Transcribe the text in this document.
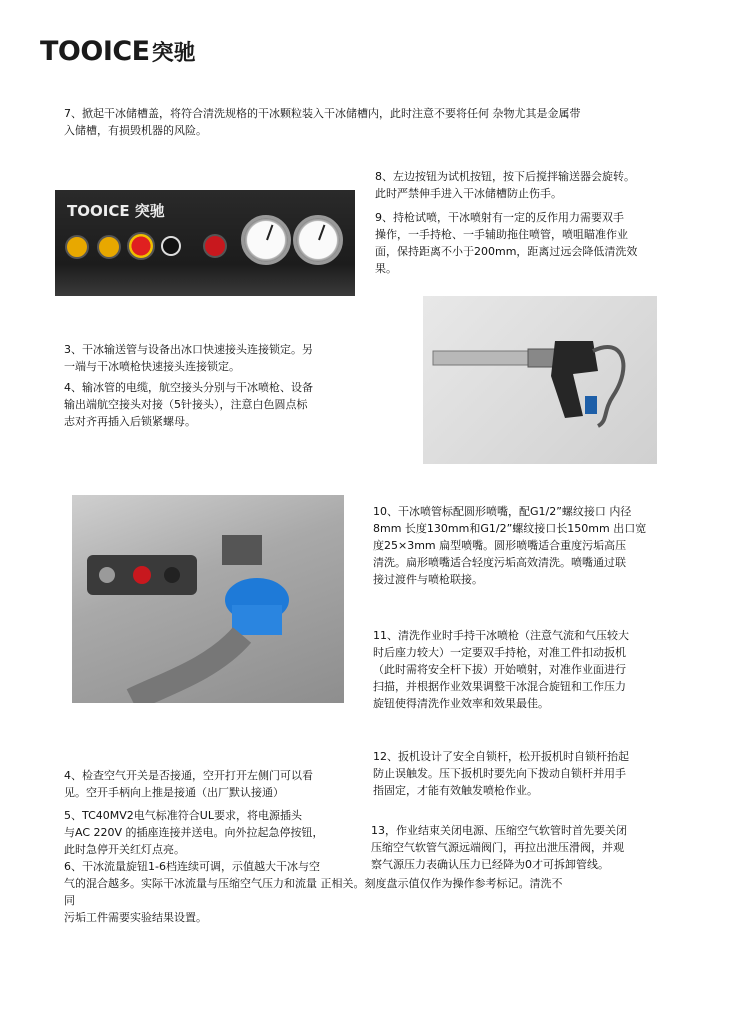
TOOICE 突驰
7、掀起干冰储槽盖，将符合清洗规格的干冰颗粒装入干冰储槽内，此时注意不要将任何 杂物尤其是金属带
入储槽，有损毁机器的风险。
8、左边按钮为试机按钮，按下后搅拌输送器会旋转。
此时严禁伸手进入干冰储槽防止伤手。
9、持枪试喷，干冰喷射有一定的反作用力需要双手
操作，一手持枪、一手辅助拖住喷管，喷咀瞄准作业
面，保持距离不小于200mm，距离过远会降低清洗效
果。
TOOICE 突驰
3、干冰输送管与设备出冰口快速接头连接锁定。另
一端与干冰喷枪快速接头连接锁定。
4、输冰管的电缆，航空接头分别与干冰喷枪、设备
输出端航空接头对接（5针接头），注意白色圆点标
志对齐再插入后锁紧螺母。
10、干冰喷管标配圆形喷嘴，配G1/2”螺纹接口 内径
8mm 长度130mm和G1/2”螺纹接口长150mm 出口宽
度25×3mm 扁型喷嘴。圆形喷嘴适合重度污垢高压
清洗。扁形喷嘴适合轻度污垢高效清洗。喷嘴通过联
接过渡件与喷枪联接。
11、清洗作业时手持干冰喷枪（注意气流和气压较大
时后座力较大）一定要双手持枪，对准工件扣动扳机
（此时需将安全杆下拔）开始喷射，对准作业面进行
扫描，并根据作业效果调整干冰混合旋钮和工作压力
旋钮使得清洗作业效率和效果最佳。
12、扳机设计了安全自锁杆，松开扳机时自锁杆抬起
防止误触发。压下扳机时要先向下拨动自锁杆并用手
指固定，才能有效触发喷枪作业。
4、检查空气开关是否接通，空开打开左侧门可以看
见。空开手柄向上推是接通（出厂默认接通）
5、TC40MV2电气标准符合UL要求，将电源插头
与AC 220V 的插座连接并送电。向外拉起急停按钮，
此时急停开关红灯点亮。
13，作业结束关闭电源、压缩空气软管时首先要关闭
压缩空气软管气源远端阀门，再拉出泄压滑阀，并观
察气源压力表确认压力已经降为0才可拆卸管线。
6、干冰流量旋钮1-6档连续可调，示值越大干冰与空
气的混合越多。实际干冰流量与压缩空气压力和流量 正相关。刻度盘示值仅作为操作参考标记。清洗不
同
污垢工件需要实验结果设置。
